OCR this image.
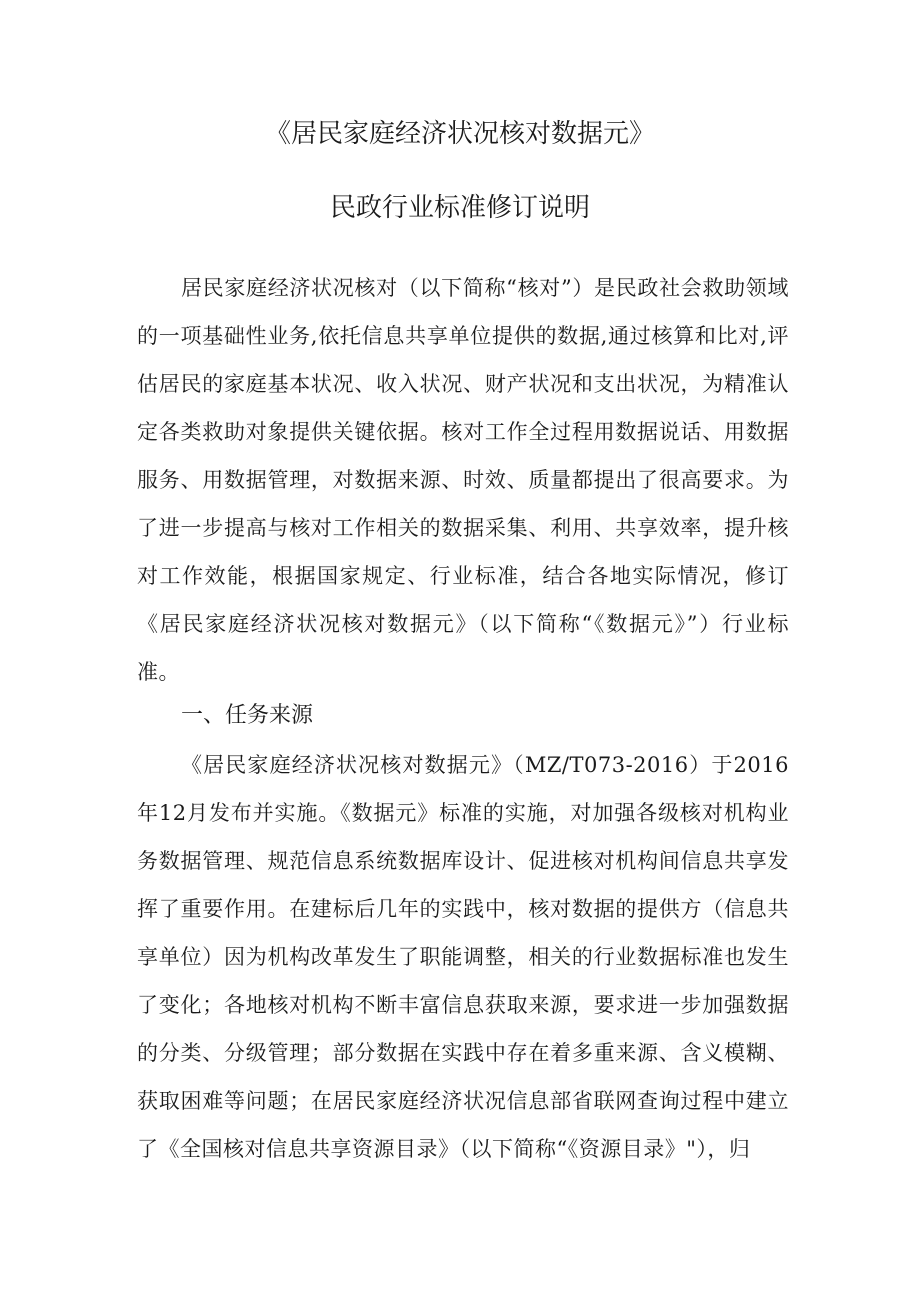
《居民家庭经济状况核对数据元》
民政行业标准修订说明

居民家庭经济状况核对（以下简称“核对”）是民政社会救助领域的一项基础性业务,依托信息共享单位提供的数据,通过核算和比对,评估居民的家庭基本状况、收入状况、财产状况和支出状况，为精准认定各类救助对象提供关键依据。核对工作全过程用数据说话、用数据服务、用数据管理，对数据来源、时效、质量都提出了很高要求。为了进一步提高与核对工作相关的数据采集、利用、共享效率，提升核对工作效能，根据国家规定、行业标准，结合各地实际情况，修订《居民家庭经济状况核对数据元》（以下简称“《数据元》”）行业标准。

一、任务来源

《居民家庭经济状况核对数据元》（MZ/T073-2016）于2016年12月发布并实施。《数据元》标准的实施，对加强各级核对机构业务数据管理、规范信息系统数据库设计、促进核对机构间信息共享发挥了重要作用。在建标后几年的实践中，核对数据的提供方（信息共享单位）因为机构改革发生了职能调整，相关的行业数据标准也发生了变化；各地核对机构不断丰富信息获取来源，要求进一步加强数据的分类、分级管理；部分数据在实践中存在着多重来源、含义模糊、获取困难等问题；在居民家庭经济状况信息部省联网查询过程中建立了《全国核对信息共享资源目录》（以下简称“《资源目录》"），归
